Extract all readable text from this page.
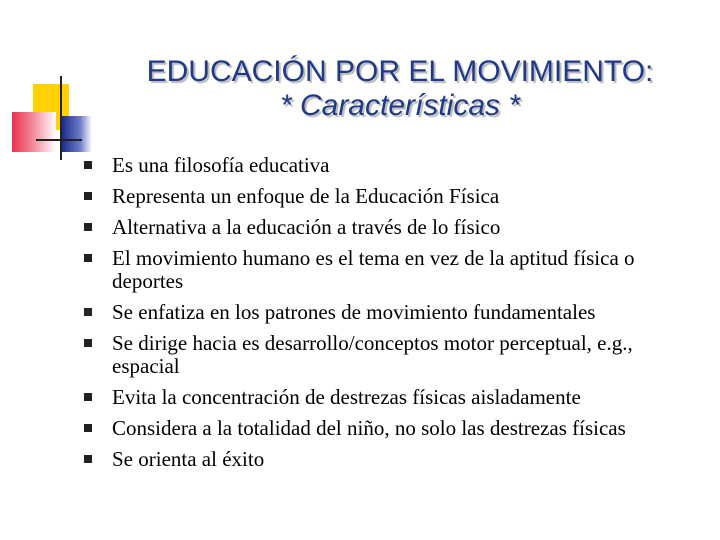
EDUCACIÓN POR EL MOVIMIENTO:
* Características *
Es una filosofía educativa
Representa un enfoque de la Educación Física
Alternativa a la educación a través de lo físico
El movimiento humano es el tema en vez de la aptitud física o deportes
Se enfatiza en los patrones de movimiento fundamentales
Se dirige hacia es desarrollo/conceptos motor perceptual, e.g., espacial
Evita la concentración de destrezas físicas aisladamente
Considera a la totalidad del niño, no solo las destrezas físicas
Se orienta al éxito
